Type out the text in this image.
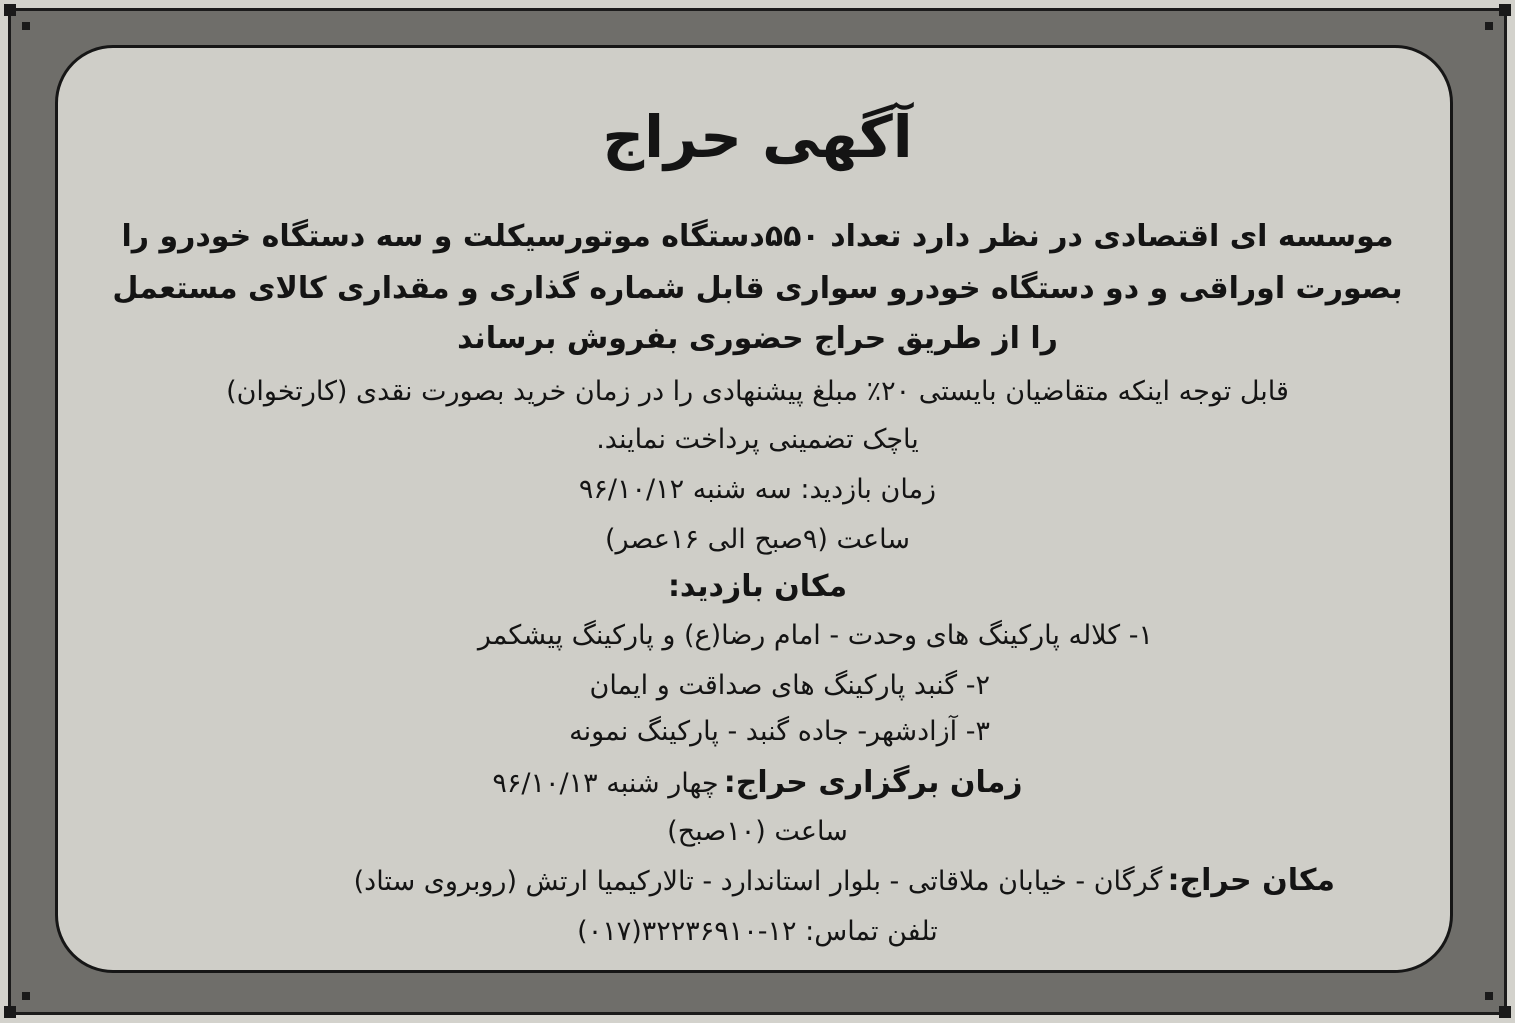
آگهی حراج
موسسه ای اقتصادی در نظر دارد تعداد ۵۵۰دستگاه موتورسیکلت و سه دستگاه خودرو را
بصورت اوراقی و دو دستگاه خودرو سواری قابل شماره گذاری و مقداری کالای مستعمل
را از طریق حراج حضوری بفروش برساند
قابل توجه اینکه متقاضیان بایستی ۲۰٪ مبلغ پیشنهادی را در زمان خرید بصورت نقدی (کارتخوان)
یاچک تضمینی پرداخت نمایند.
زمان بازدید: سه شنبه ۹۶/۱۰/۱۲
ساعت (۹صبح الی ۱۶عصر)
مکان بازدید:
۱- کلاله پارکینگ های وحدت - امام رضا(ع) و پارکینگ پیشکمر
۲- گنبد پارکینگ های صداقت و ایمان
۳- آزادشهر- جاده گنبد - پارکینگ نمونه
زمان برگزاری حراج: چهار شنبه ۹۶/۱۰/۱۳
ساعت (۱۰صبح)
مکان حراج: گرگان - خیابان ملاقاتی - بلوار استاندارد - تالارکیمیا ارتش (روبروی ستاد)
تلفن تماس: ۱۲-۳۲۲۳۶۹۱۰(۰۱۷)
